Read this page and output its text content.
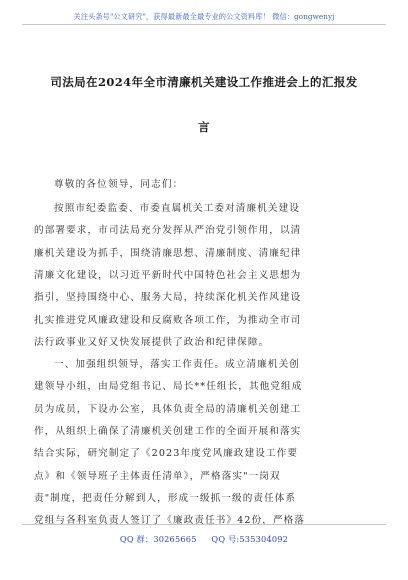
关注头条号"公文研究"，获得最新最全最专业的公文资料库！ 微信：gongwenyj
司法局在2024年全市清廉机关建设工作推进会上的汇报发
言
尊敬的各位领导，同志们：
按照市纪委监委、市委直属机关工委对清廉机关建设
的部署要求，市司法局充分发挥从严治党引领作用，以清
廉机关建设为抓手，围绕清廉思想、清廉制度、清廉纪律
清廉文化建设，以习近平新时代中国特色社会主义思想为
指引，坚持围绕中心、服务大局，持续深化机关作风建设
扎实推进党风廉政建设和反腐败各项工作，为推动全市司
法行政事业又好又快发展提供了政治和纪律保障。
一、加强组织领导，落实工作责任。成立清廉机关创
建领导小组，由局党组书记、局长**任组长，其他党组成
员为成员，下设办公室，具体负责全局的清廉机关创建工
作，从组织上确保了清廉机关创建工作的全面开展和落实
结合实际，研究制定了《2023年度党风廉政建设工作要
点》和《领导班子主体责任清单》，严格落实"一岗双
责"制度，把责任分解到人，形成一级抓一级的责任体系
党组与各科室负责人签订了《廉政责任书》42份，严格落
QQ 群：30265665 QQ 号:535304092
